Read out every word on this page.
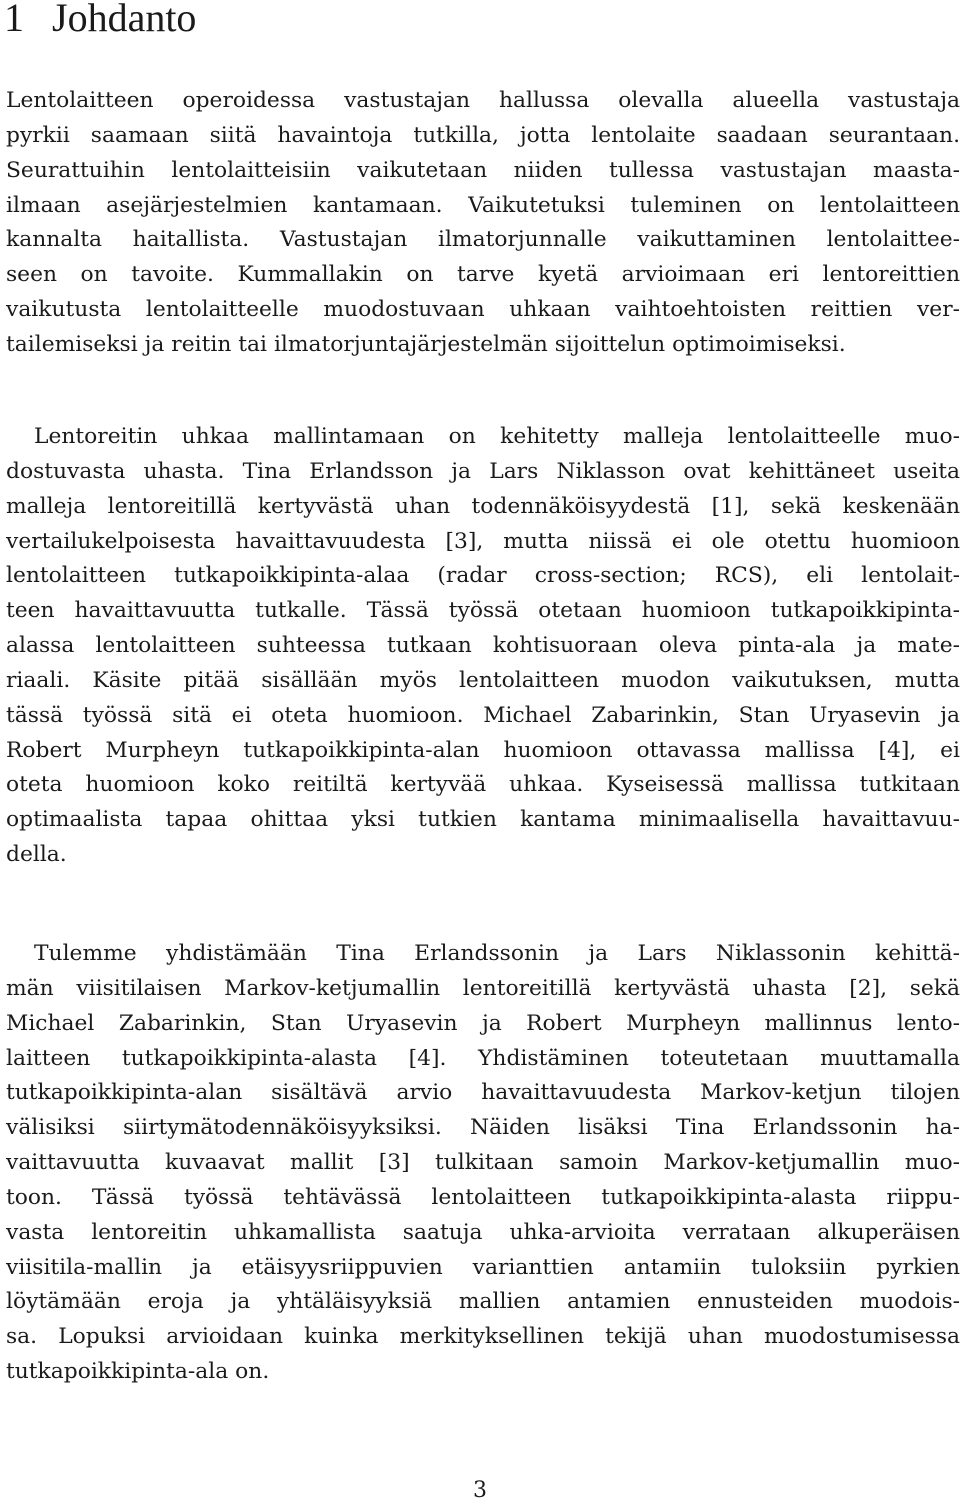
1 Johdanto
Lentolaitteen operoidessa vastustajan hallussa olevalla alueella vastustaja
pyrkii saamaan siitä havaintoja tutkilla, jotta lentolaite saadaan seurantaan.
Seurattuihin lentolaitteisiin vaikutetaan niiden tullessa vastustajan maasta-
ilmaan asejärjestelmien kantamaan. Vaikutetuksi tuleminen on lentolaitteen
kannalta haitallista. Vastustajan ilmatorjunnalle vaikuttaminen lentolaittee-
seen on tavoite. Kummallakin on tarve kyetä arvioimaan eri lentoreittien
vaikutusta lentolaitteelle muodostuvaan uhkaan vaihtoehtoisten reittien ver-
tailemiseksi ja reitin tai ilmatorjuntajärjestelmän sijoittelun optimoimiseksi.
Lentoreitin uhkaa mallintamaan on kehitetty malleja lentolaitteelle muo-
dostuvasta uhasta. Tina Erlandsson ja Lars Niklasson ovat kehittäneet useita
malleja lentoreitillä kertyvästä uhan todennäköisyydestä [1], sekä keskenään
vertailukelpoisesta havaittavuudesta [3], mutta niissä ei ole otettu huomioon
lentolaitteen tutkapoikkipinta-alaa (radar cross-section; RCS), eli lentolait-
teen havaittavuutta tutkalle. Tässä työssä otetaan huomioon tutkapoikkipinta-
alassa lentolaitteen suhteessa tutkaan kohtisuoraan oleva pinta-ala ja mate-
riaali. Käsite pitää sisällään myös lentolaitteen muodon vaikutuksen, mutta
tässä työssä sitä ei oteta huomioon. Michael Zabarinkin, Stan Uryasevin ja
Robert Murpheyn tutkapoikkipinta-alan huomioon ottavassa mallissa [4], ei
oteta huomioon koko reitiltä kertyvää uhkaa. Kyseisessä mallissa tutkitaan
optimaalista tapaa ohittaa yksi tutkien kantama minimaalisella havaittavuu-
della.
Tulemme yhdistämään Tina Erlandssonin ja Lars Niklassonin kehittä-
män viisitilaisen Markov-ketjumallin lentoreitillä kertyvästä uhasta [2], sekä
Michael Zabarinkin, Stan Uryasevin ja Robert Murpheyn mallinnus lento-
laitteen tutkapoikkipinta-alasta [4]. Yhdistäminen toteutetaan muuttamalla
tutkapoikkipinta-alan sisältävä arvio havaittavuudesta Markov-ketjun tilojen
välisiksi siirtymätodennäköisyyksiksi. Näiden lisäksi Tina Erlandssonin ha-
vaittavuutta kuvaavat mallit [3] tulkitaan samoin Markov-ketjumallin muo-
toon. Tässä työssä tehtävässä lentolaitteen tutkapoikkipinta-alasta riippu-
vasta lentoreitin uhkamallista saatuja uhka-arvioita verrataan alkuperäisen
viisitila-mallin ja etäisyysriippuvien varianttien antamiin tuloksiin pyrkien
löytämään eroja ja yhtäläisyyksiä mallien antamien ennusteiden muodois-
sa. Lopuksi arvioidaan kuinka merkityksellinen tekijä uhan muodostumisessa
tutkapoikkipinta-ala on.
3
